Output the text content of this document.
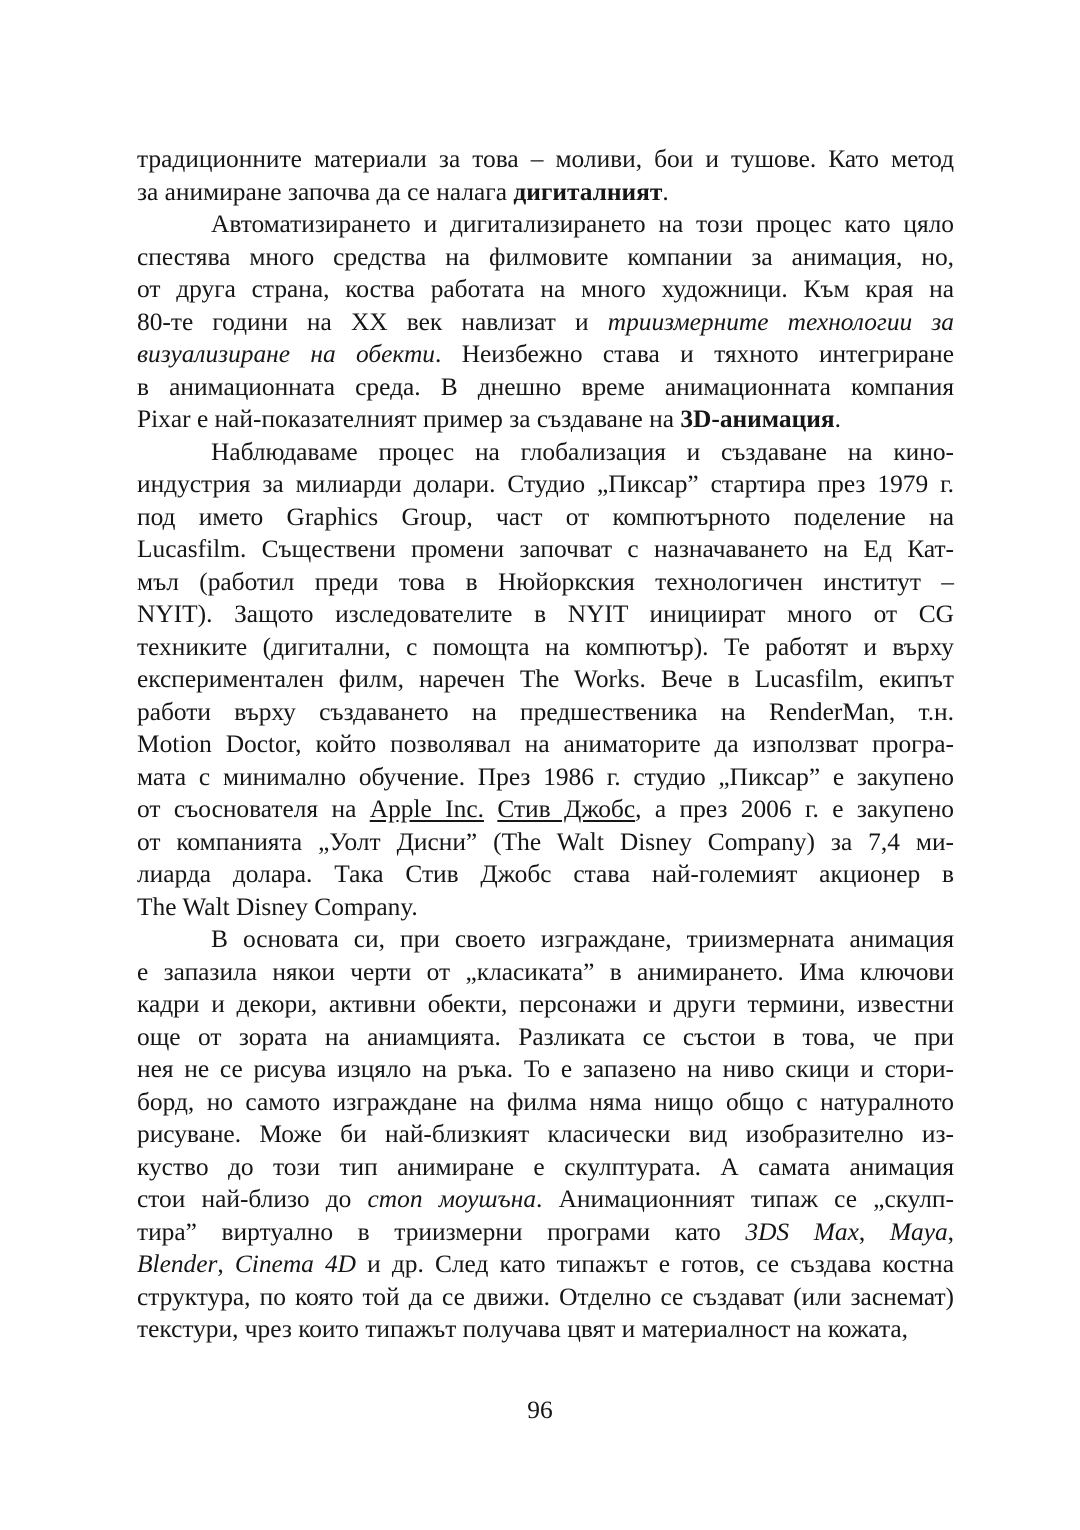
традиционните материали за това – моливи, бои и тушове. Като метод
за анимиране започва да се налага дигиталният.
Автоматизирането и дигитализирането на този процес като цяло
спестява много средства на филмовите компании за анимация, но,
от друга страна, коства работата на много художници. Към края на
80-те години на XX век навлизат и триизмерните технологии за
визуализиране на обекти. Неизбежно става и тяхното интегриране
в анимационната среда. В днешно време анимационната компания
Pixar е най-показателният пример за създаване на 3D-анимация.
Наблюдаваме процес на глобализация и създаване на кино-
индустрия за милиарди долари. Студио „Пиксар” стартира през 1979 г.
под името Graphics Group, част от компютърното поделение на
Lucasfilm. Съществени промени започват с назначаването на Ед Кат-
мъл (работил преди това в Нюйоркския технологичен институт –
NYIT). Защото изследователите в NYIT инициират много от CG
техниките (дигитални, с помощта на компютър). Те работят и върху
експериментален филм, наречен The Works. Вече в Lucasfilm, екипът
работи върху създаването на предшественика на RenderMan, т.н.
Motion Doctor, който позволявал на аниматорите да използват програ-
мата с минимално обучение. През 1986 г. студио „Пиксар” е закупено
от съоснователя на Apple Inc. Стив Джобс, а през 2006 г. е закупено
от компанията „Уолт Дисни” (The Walt Disney Company) за 7,4 ми-
лиарда долара. Така Стив Джобс става най-големият акционер в
The Walt Disney Company.
В основата си, при своето изграждане, триизмерната анимация
е запазила някои черти от „класиката” в анимирането. Има ключови
кадри и декори, активни обекти, персонажи и други термини, известни
още от зората на аниамцията. Разликата се състои в това, че при
нея не се рисува изцяло на ръка. То е запазено на ниво скици и стори-
борд, но самото изграждане на филма няма нищо общо с натуралното
рисуване. Може би най-близкият класически вид изобразително из-
куство до този тип анимиране е скулптурата. А самата анимация
стои най-близо до стоп моушъна. Анимационният типаж се „скулп-
тира” виртуално в триизмерни програми като 3DS Max, Maya,
Blender, Cinema 4D и др. След като типажът е готов, се създава костна
структура, по която той да се движи. Отделно се създават (или заснемат)
текстури, чрез които типажът получава цвят и материалност на кожата,
96
